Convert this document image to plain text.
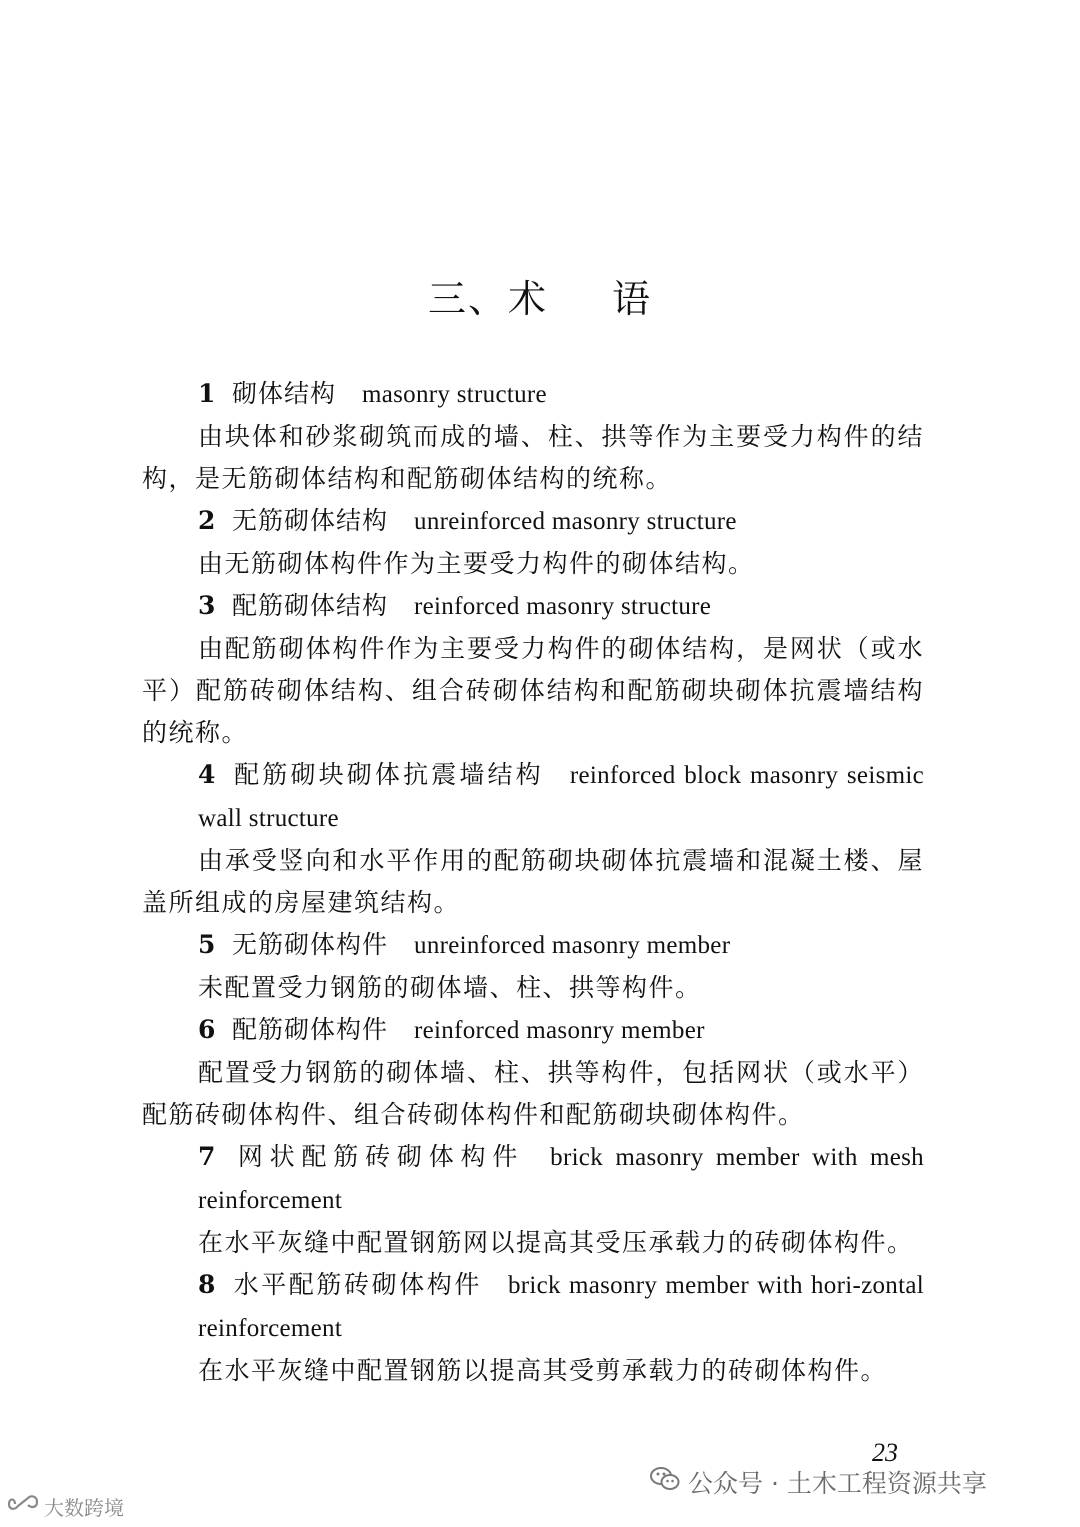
三、术 语
1 砌体结构 masonry structure
由块体和砂浆砌筑而成的墙、柱、拱等作为主要受力构件的结构，是无筋砌体结构和配筋砌体结构的统称。
2 无筋砌体结构 unreinforced masonry structure
由无筋砌体构件作为主要受力构件的砌体结构。
3 配筋砌体结构 reinforced masonry structure
由配筋砌体构件作为主要受力构件的砌体结构，是网状（或水平）配筋砖砌体结构、组合砖砌体结构和配筋砌块砌体抗震墙结构的统称。
4 配筋砌块砌体抗震墙结构 reinforced block masonry seismic wall structure
由承受竖向和水平作用的配筋砌块砌体抗震墙和混凝土楼、屋盖所组成的房屋建筑结构。
5 无筋砌体构件 unreinforced masonry member
未配置受力钢筋的砌体墙、柱、拱等构件。
6 配筋砌体构件 reinforced masonry member
配置受力钢筋的砌体墙、柱、拱等构件，包括网状（或水平）配筋砖砌体构件、组合砖砌体构件和配筋砌块砌体构件。
7 网状配筋砖砌体构件 brick masonry member with mesh reinforcement
在水平灰缝中配置钢筋网以提高其受压承载力的砖砌体构件。
8 水平配筋砖砌体构件 brick masonry member with hori-zontal reinforcement
在水平灰缝中配置钢筋以提高其受剪承载力的砖砌体构件。
23
公众号 · 土木工程资源共享
大数跨境
